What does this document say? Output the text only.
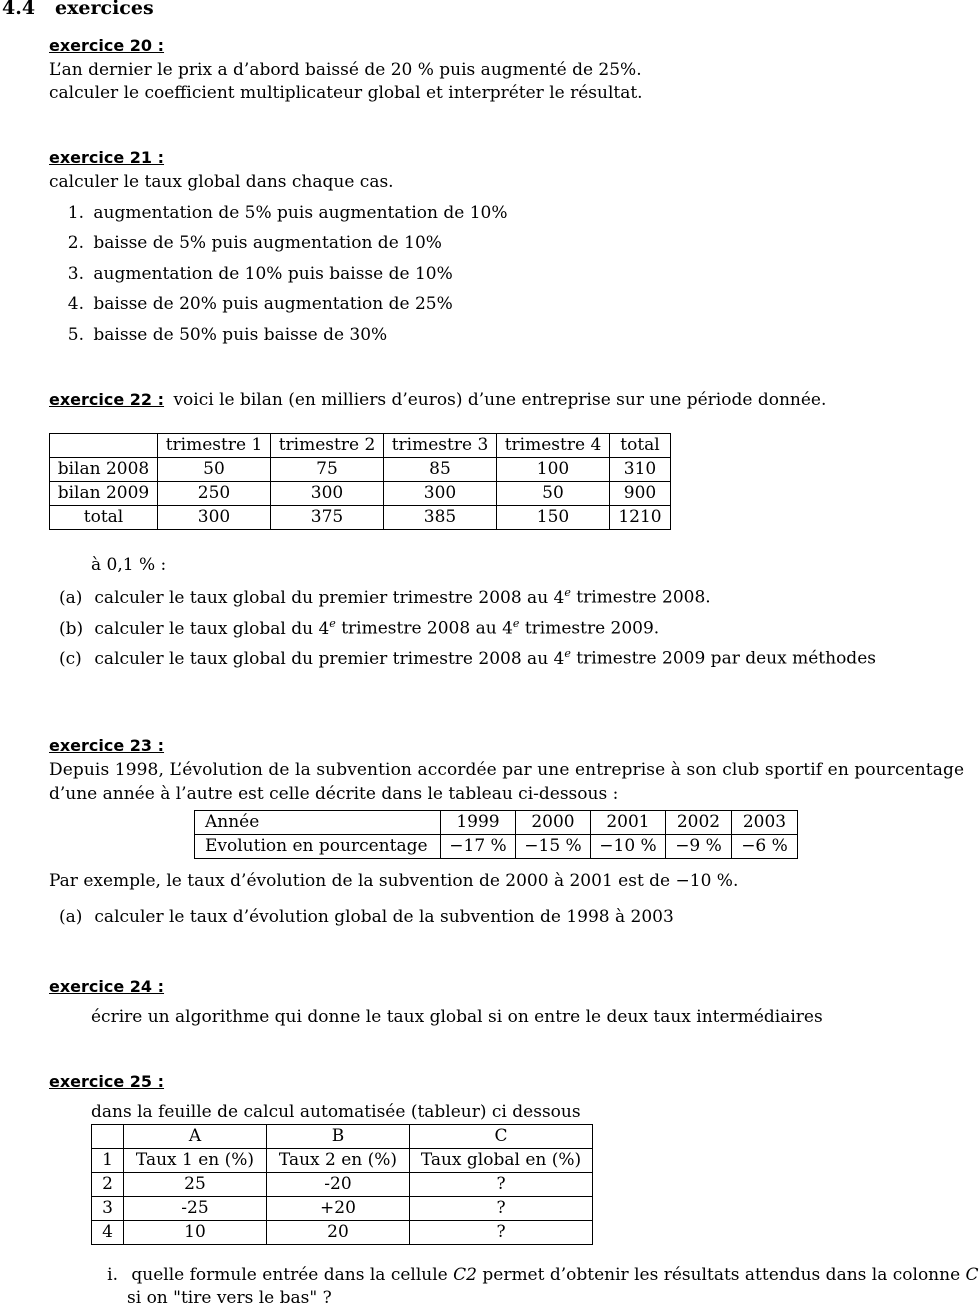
4.4 exercices
exercice 20 :
L’an dernier le prix a d’abord baissé de 20 % puis augmenté de 25%.
calculer le coefficient multiplicateur global et interpréter le résultat.
exercice 21 :
calculer le taux global dans chaque cas.
1. augmentation de 5% puis augmentation de 10%
2. baisse de 5% puis augmentation de 10%
3. augmentation de 10% puis baisse de 10%
4. baisse de 20% puis augmentation de 25%
5. baisse de 50% puis baisse de 30%
exercice 22 : voici le bilan (en milliers d’euros) d’une entreprise sur une période donnée.
	trimestre 1	trimestre 2	trimestre 3	trimestre 4	total
bilan 2008	50	75	85	100	310
bilan 2009	250	300	300	50	900
total	300	375	385	150	1210
à 0,1 % :
(a) calculer le taux global du premier trimestre 2008 au 4e trimestre 2008.
(b) calculer le taux global du 4e trimestre 2008 au 4e trimestre 2009.
(c) calculer le taux global du premier trimestre 2008 au 4e trimestre 2009 par deux méthodes
exercice 23 :
Depuis 1998, L’évolution de la subvention accordée par une entreprise à son club sportif en pourcentage
d’une année à l’autre est celle décrite dans le tableau ci-dessous :
Année	1999	2000	2001	2002	2003
Evolution en pourcentage	−17 %	−15 %	−10 %	−9 %	−6 %
Par exemple, le taux d’évolution de la subvention de 2000 à 2001 est de −10 %.
(a) calculer le taux d’évolution global de la subvention de 1998 à 2003
exercice 24 :
écrire un algorithme qui donne le taux global si on entre le deux taux intermédiaires
exercice 25 :
dans la feuille de calcul automatisée (tableur) ci dessous
	A	B	C
1	Taux 1 en (%)	Taux 2 en (%)	Taux global en (%)
2	25	-20	?
3	-25	+20	?
4	10	20	?
i. quelle formule entrée dans la cellule C2 permet d’obtenir les résultats attendus dans la colonne C
si on "tire vers le bas" ?
